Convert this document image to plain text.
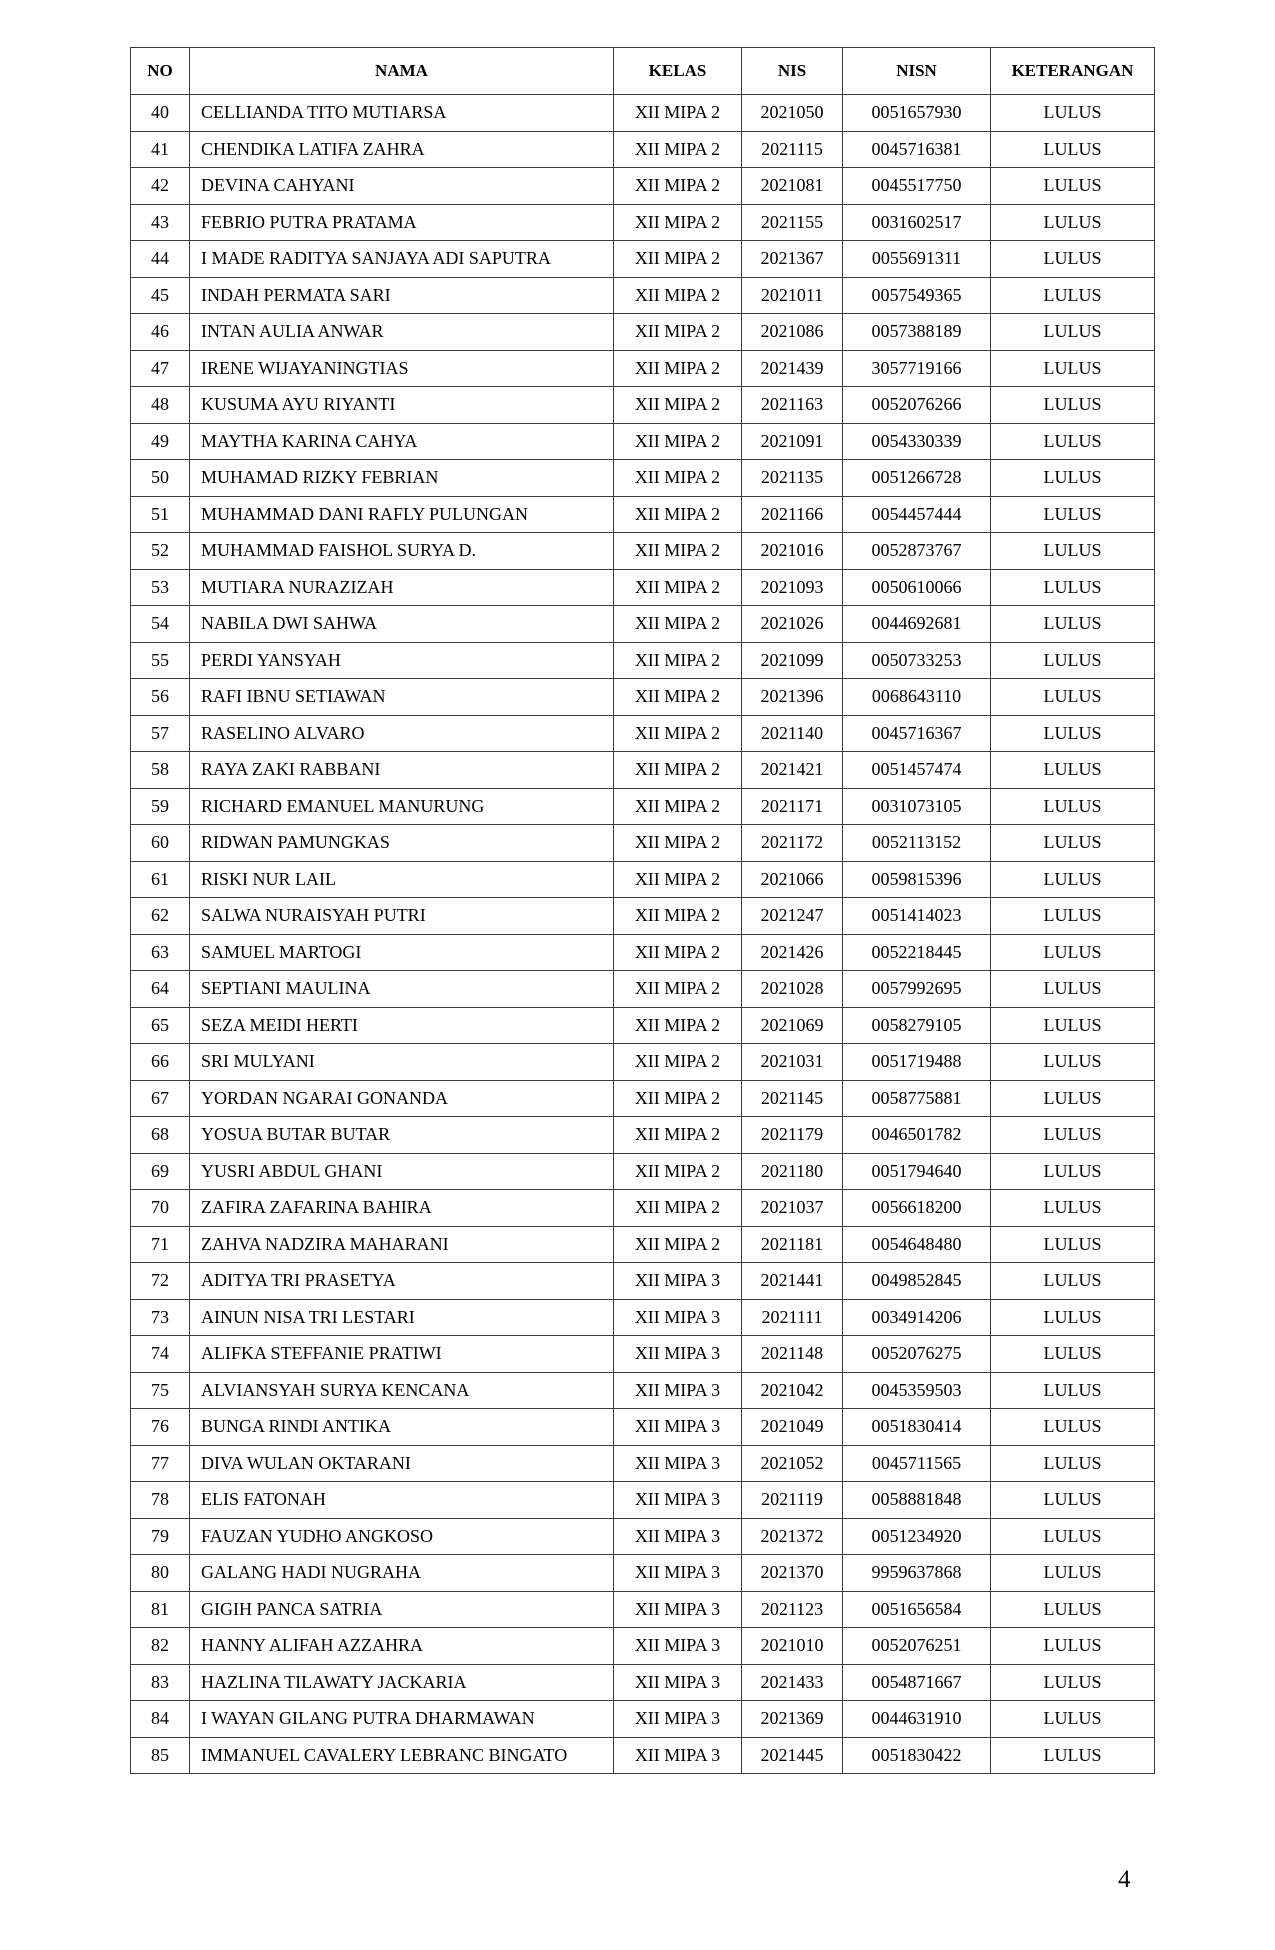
NO	NAMA	KELAS	NIS	NISN	KETERANGAN
40	CELLIANDA TITO MUTIARSA	XII MIPA 2	2021050	0051657930	LULUS
41	CHENDIKA LATIFA ZAHRA	XII MIPA 2	2021115	0045716381	LULUS
42	DEVINA CAHYANI	XII MIPA 2	2021081	0045517750	LULUS
43	FEBRIO PUTRA PRATAMA	XII MIPA 2	2021155	0031602517	LULUS
44	I MADE RADITYA SANJAYA ADI SAPUTRA	XII MIPA 2	2021367	0055691311	LULUS
45	INDAH PERMATA SARI	XII MIPA 2	2021011	0057549365	LULUS
46	INTAN AULIA ANWAR	XII MIPA 2	2021086	0057388189	LULUS
47	IRENE WIJAYANINGTIAS	XII MIPA 2	2021439	3057719166	LULUS
48	KUSUMA AYU RIYANTI	XII MIPA 2	2021163	0052076266	LULUS
49	MAYTHA KARINA CAHYA	XII MIPA 2	2021091	0054330339	LULUS
50	MUHAMAD RIZKY FEBRIAN	XII MIPA 2	2021135	0051266728	LULUS
51	MUHAMMAD DANI RAFLY PULUNGAN	XII MIPA 2	2021166	0054457444	LULUS
52	MUHAMMAD FAISHOL SURYA D.	XII MIPA 2	2021016	0052873767	LULUS
53	MUTIARA NURAZIZAH	XII MIPA 2	2021093	0050610066	LULUS
54	NABILA DWI SAHWA	XII MIPA 2	2021026	0044692681	LULUS
55	PERDI YANSYAH	XII MIPA 2	2021099	0050733253	LULUS
56	RAFI IBNU SETIAWAN	XII MIPA 2	2021396	0068643110	LULUS
57	RASELINO ALVARO	XII MIPA 2	2021140	0045716367	LULUS
58	RAYA ZAKI RABBANI	XII MIPA 2	2021421	0051457474	LULUS
59	RICHARD EMANUEL MANURUNG	XII MIPA 2	2021171	0031073105	LULUS
60	RIDWAN PAMUNGKAS	XII MIPA 2	2021172	0052113152	LULUS
61	RISKI NUR LAIL	XII MIPA 2	2021066	0059815396	LULUS
62	SALWA NURAISYAH PUTRI	XII MIPA 2	2021247	0051414023	LULUS
63	SAMUEL MARTOGI	XII MIPA 2	2021426	0052218445	LULUS
64	SEPTIANI MAULINA	XII MIPA 2	2021028	0057992695	LULUS
65	SEZA MEIDI HERTI	XII MIPA 2	2021069	0058279105	LULUS
66	SRI MULYANI	XII MIPA 2	2021031	0051719488	LULUS
67	YORDAN NGARAI GONANDA	XII MIPA 2	2021145	0058775881	LULUS
68	YOSUA BUTAR BUTAR	XII MIPA 2	2021179	0046501782	LULUS
69	YUSRI ABDUL GHANI	XII MIPA 2	2021180	0051794640	LULUS
70	ZAFIRA ZAFARINA BAHIRA	XII MIPA 2	2021037	0056618200	LULUS
71	ZAHVA NADZIRA MAHARANI	XII MIPA 2	2021181	0054648480	LULUS
72	ADITYA TRI PRASETYA	XII MIPA 3	2021441	0049852845	LULUS
73	AINUN NISA TRI LESTARI	XII MIPA 3	2021111	0034914206	LULUS
74	ALIFKA STEFFANIE PRATIWI	XII MIPA 3	2021148	0052076275	LULUS
75	ALVIANSYAH SURYA KENCANA	XII MIPA 3	2021042	0045359503	LULUS
76	BUNGA RINDI ANTIKA	XII MIPA 3	2021049	0051830414	LULUS
77	DIVA WULAN OKTARANI	XII MIPA 3	2021052	0045711565	LULUS
78	ELIS FATONAH	XII MIPA 3	2021119	0058881848	LULUS
79	FAUZAN YUDHO ANGKOSO	XII MIPA 3	2021372	0051234920	LULUS
80	GALANG HADI NUGRAHA	XII MIPA 3	2021370	9959637868	LULUS
81	GIGIH PANCA SATRIA	XII MIPA 3	2021123	0051656584	LULUS
82	HANNY ALIFAH AZZAHRA	XII MIPA 3	2021010	0052076251	LULUS
83	HAZLINA TILAWATY JACKARIA	XII MIPA 3	2021433	0054871667	LULUS
84	I WAYAN GILANG PUTRA DHARMAWAN	XII MIPA 3	2021369	0044631910	LULUS
85	IMMANUEL CAVALERY LEBRANC BINGATO	XII MIPA 3	2021445	0051830422	LULUS
4
